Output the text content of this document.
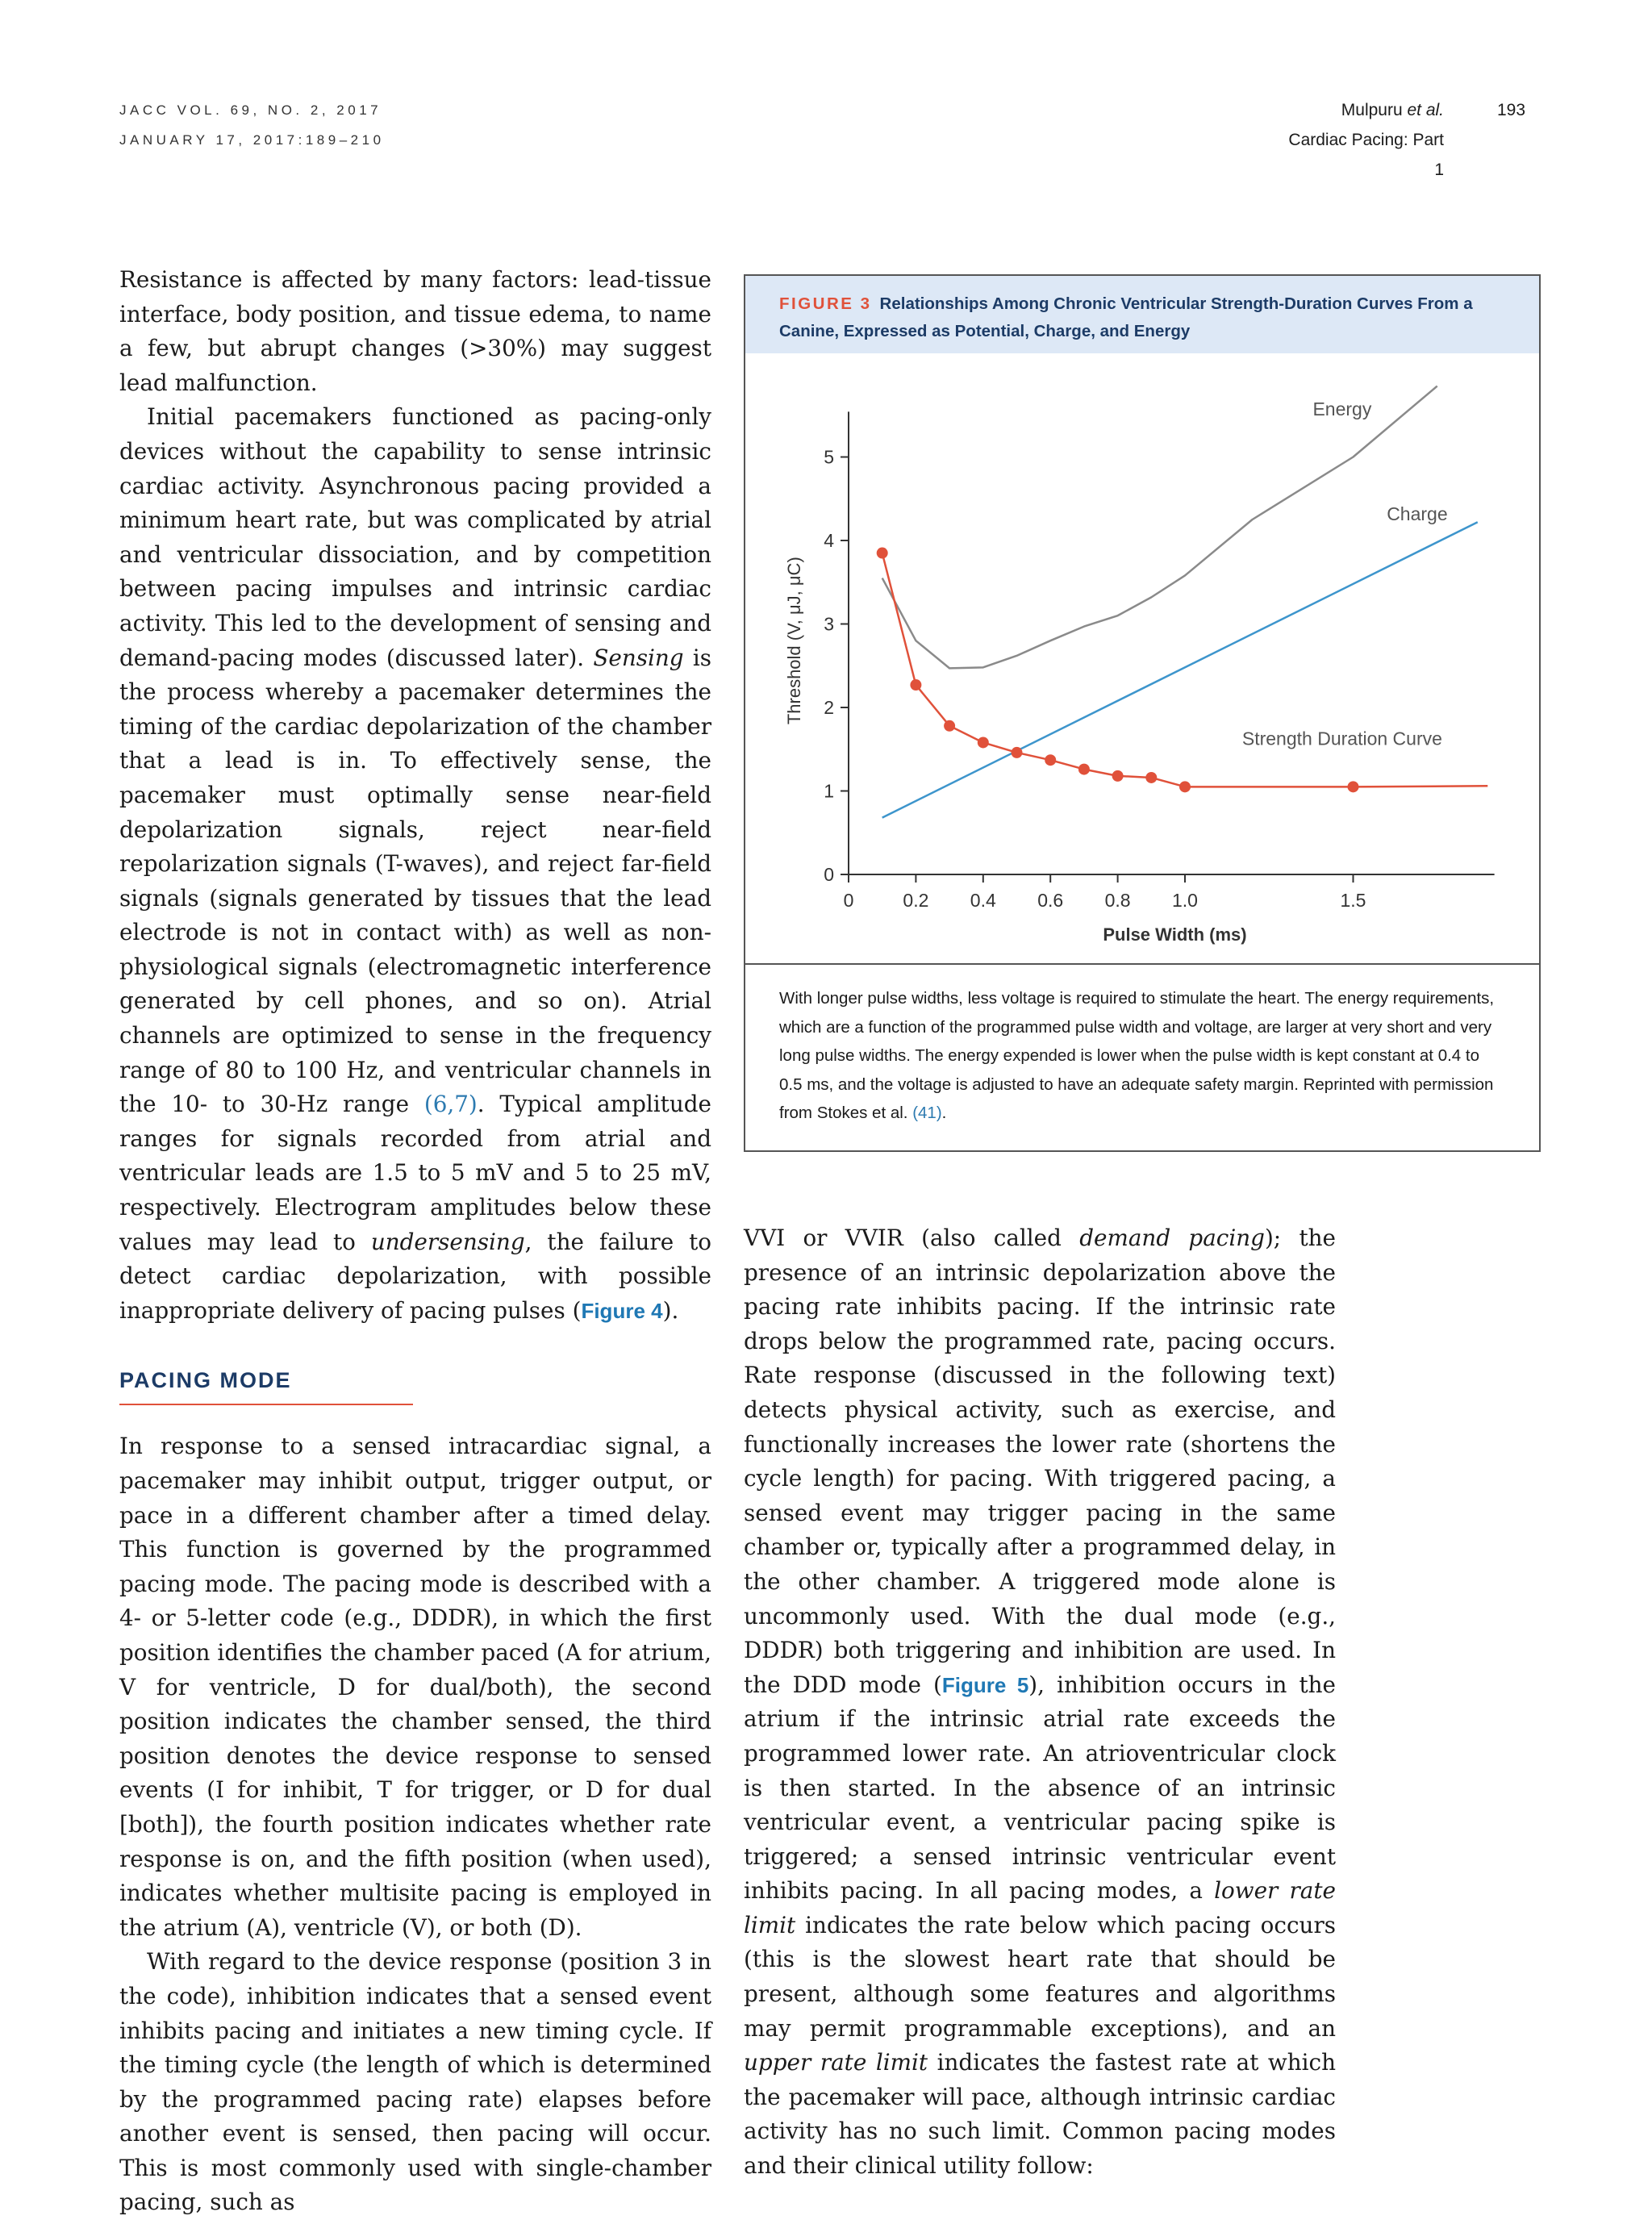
JACC VOL. 69, NO. 2, 2017
JANUARY 17, 2017:189–210
Mulpuru et al.
Cardiac Pacing: Part 1
193

Resistance is affected by many factors: lead-tissue interface, body position, and tissue edema, to name a few, but abrupt changes (>30%) may suggest lead malfunction.

Initial pacemakers functioned as pacing-only devices without the capability to sense intrinsic cardiac activity. Asynchronous pacing provided a minimum heart rate, but was complicated by atrial and ventricular dissociation, and by competition between pacing impulses and intrinsic cardiac activity. This led to the development of sensing and demand-pacing modes (discussed later). Sensing is the process whereby a pacemaker determines the timing of the cardiac depolarization of the chamber that a lead is in. To effectively sense, the pacemaker must optimally sense near-field depolarization signals, reject near-field repolarization signals (T-waves), and reject far-field signals (signals generated by tissues that the lead electrode is not in contact with) as well as non-physiological signals (electromagnetic interference generated by cell phones, and so on). Atrial channels are optimized to sense in the frequency range of 80 to 100 Hz, and ventricular channels in the 10- to 30-Hz range (6,7). Typical amplitude ranges for signals recorded from atrial and ventricular leads are 1.5 to 5 mV and 5 to 25 mV, respectively. Electrogram amplitudes below these values may lead to undersensing, the failure to detect cardiac depolarization, with possible inappropriate delivery of pacing pulses (Figure 4).

PACING MODE

In response to a sensed intracardiac signal, a pacemaker may inhibit output, trigger output, or pace in a different chamber after a timed delay. This function is governed by the programmed pacing mode. The pacing mode is described with a 4- or 5-letter code (e.g., DDDR), in which the first position identifies the chamber paced (A for atrium, V for ventricle, D for dual/both), the second position indicates the chamber sensed, the third position denotes the device response to sensed events (I for inhibit, T for trigger, or D for dual [both]), the fourth position indicates whether rate response is on, and the fifth position (when used), indicates whether multisite pacing is employed in the atrium (A), ventricle (V), or both (D).

With regard to the device response (position 3 in the code), inhibition indicates that a sensed event inhibits pacing and initiates a new timing cycle. If the timing cycle (the length of which is determined by the programmed pacing rate) elapses before another event is sensed, then pacing will occur. This is most commonly used with single-chamber pacing, such as

FIGURE 3 Relationships Among Chronic Ventricular Strength-Duration Curves From a Canine, Expressed as Potential, Charge, and Energy
0
1
2
3
4
5
0	0.2 0.4 0.6 0.8 1.0	1.5
Threshold (V, μJ, μC)
Pulse Width (ms)
Energy
Charge
Strength Duration Curve
With longer pulse widths, less voltage is required to stimulate the heart. The energy requirements, which are a function of the programmed pulse width and voltage, are larger at very short and very long pulse widths. The energy expended is lower when the pulse width is kept constant at 0.4 to 0.5 ms, and the voltage is adjusted to have an adequate safety margin. Reprinted with permission from Stokes et al. (41).

VVI or VVIR (also called demand pacing); the presence of an intrinsic depolarization above the pacing rate inhibits pacing. If the intrinsic rate drops below the programmed rate, pacing occurs. Rate response (discussed in the following text) detects physical activity, such as exercise, and functionally increases the lower rate (shortens the cycle length) for pacing. With triggered pacing, a sensed event may trigger pacing in the same chamber or, typically after a programmed delay, in the other chamber. A triggered mode alone is uncommonly used. With the dual mode (e.g., DDDR) both triggering and inhibition are used. In the DDD mode (Figure 5), inhibition occurs in the atrium if the intrinsic atrial rate exceeds the programmed lower rate. An atrioventricular clock is then started. In the absence of an intrinsic ventricular event, a ventricular pacing spike is triggered; a sensed intrinsic ventricular event inhibits pacing. In all pacing modes, a lower rate limit indicates the rate below which pacing occurs (this is the slowest heart rate that should be present, although some features and algorithms may permit programmable exceptions), and an upper rate limit indicates the fastest rate at which the pacemaker will pace, although intrinsic cardiac activity has no such limit. Common pacing modes and their clinical utility follow:
